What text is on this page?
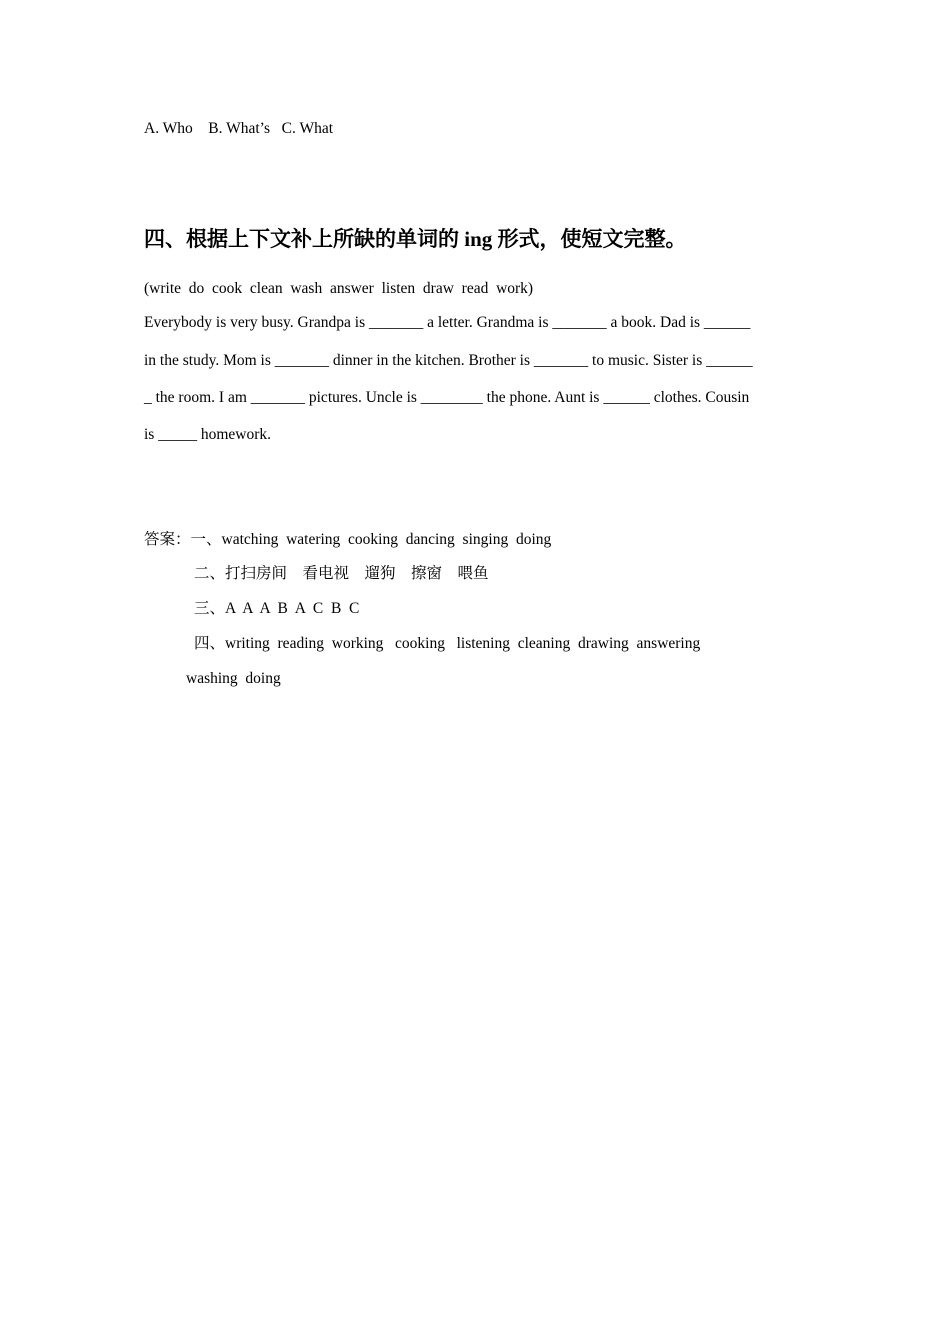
A. Who    B. What’s   C. What
四、根据上下文补上所缺的单词的 ing 形式，使短文完整。
(write  do  cook  clean  wash  answer  listen  draw  read  work)
Everybody is very busy. Grandpa is _______ a letter. Grandma is _______ a book. Dad is ______
in the study. Mom is _______ dinner in the kitchen. Brother is _______ to music. Sister is ______
_ the room. I am _______ pictures. Uncle is ________ the phone. Aunt is ______ clothes. Cousin
is _____ homework.
答案：一、watching  watering  cooking  dancing  singing  doing
二、打扫房间    看电视    遛狗    擦窗    喂鱼
三、A  A  A  B  A  C  B  C
四、writing  reading  working   cooking   listening  cleaning  drawing  answering
washing  doing
